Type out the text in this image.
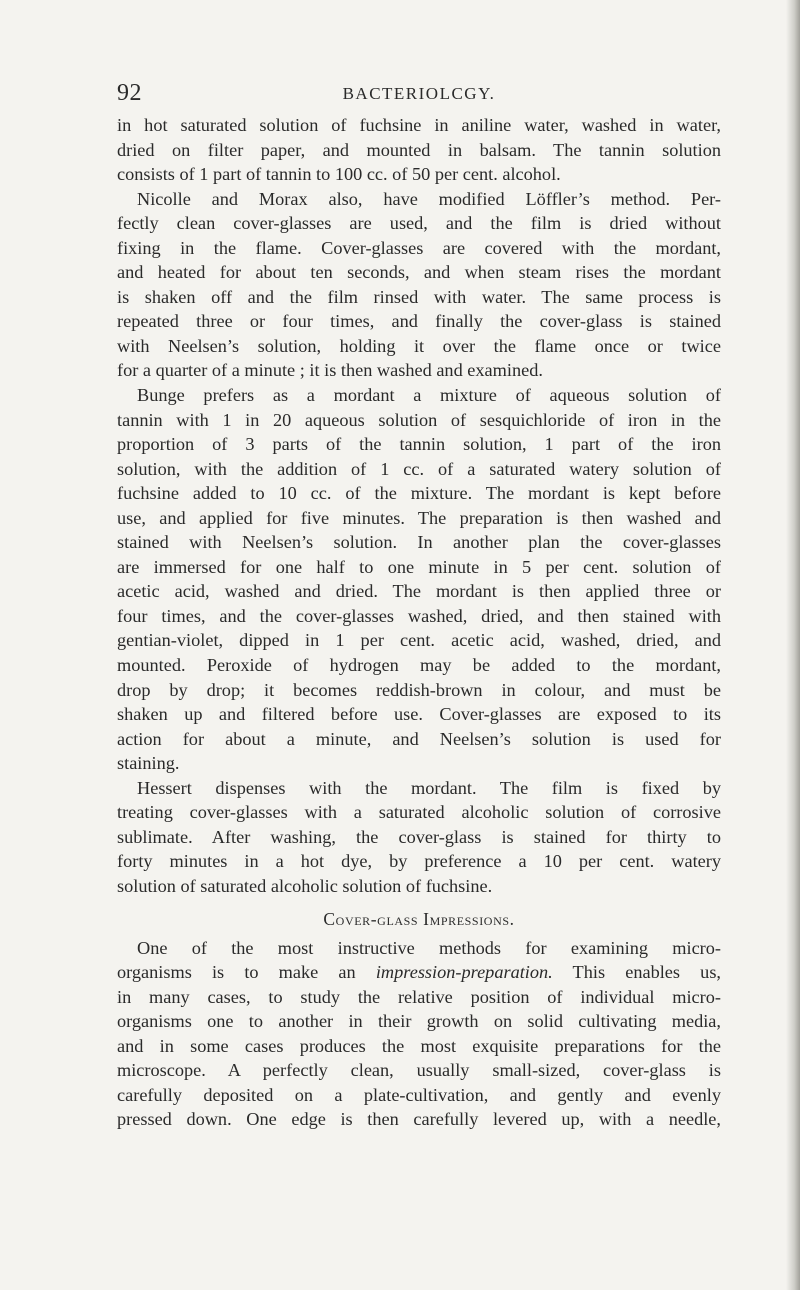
92	BACTERIOLCGY.
in hot saturated solution of fuchsine in aniline water, washed in water,
dried on filter paper, and mounted in balsam. The tannin solution
consists of 1 part of tannin to 100 cc. of 50 per cent. alcohol.
Nicolle and Morax also, have modified Löffler’s method. Per-
fectly clean cover-glasses are used, and the film is dried without
fixing in the flame. Cover-glasses are covered with the mordant,
and heated for about ten seconds, and when steam rises the mordant
is shaken off and the film rinsed with water. The same process is
repeated three or four times, and finally the cover-glass is stained
with Neelsen’s solution, holding it over the flame once or twice
for a quarter of a minute ; it is then washed and examined.
Bunge prefers as a mordant a mixture of aqueous solution of
tannin with 1 in 20 aqueous solution of sesquichloride of iron in the
proportion of 3 parts of the tannin solution, 1 part of the iron
solution, with the addition of 1 cc. of a saturated watery solution of
fuchsine added to 10 cc. of the mixture. The mordant is kept before
use, and applied for five minutes. The preparation is then washed and
stained with Neelsen’s solution. In another plan the cover-glasses
are immersed for one half to one minute in 5 per cent. solution of
acetic acid, washed and dried. The mordant is then applied three or
four times, and the cover-glasses washed, dried, and then stained with
gentian-violet, dipped in 1 per cent. acetic acid, washed, dried, and
mounted. Peroxide of hydrogen may be added to the mordant,
drop by drop; it becomes reddish-brown in colour, and must be
shaken up and filtered before use. Cover-glasses are exposed to its
action for about a minute, and Neelsen’s solution is used for
staining.
Hessert dispenses with the mordant. The film is fixed by
treating cover-glasses with a saturated alcoholic solution of corrosive
sublimate. After washing, the cover-glass is stained for thirty to
forty minutes in a hot dye, by preference a 10 per cent. watery
solution of saturated alcoholic solution of fuchsine.
Cover-glass Impressions.
One of the most instructive methods for examining micro-
organisms is to make an impression-preparation. This enables us,
in many cases, to study the relative position of individual micro-
organisms one to another in their growth on solid cultivating media,
and in some cases produces the most exquisite preparations for the
microscope. A perfectly clean, usually small-sized, cover-glass is
carefully deposited on a plate-cultivation, and gently and evenly
pressed down. One edge is then carefully levered up, with a needle,
